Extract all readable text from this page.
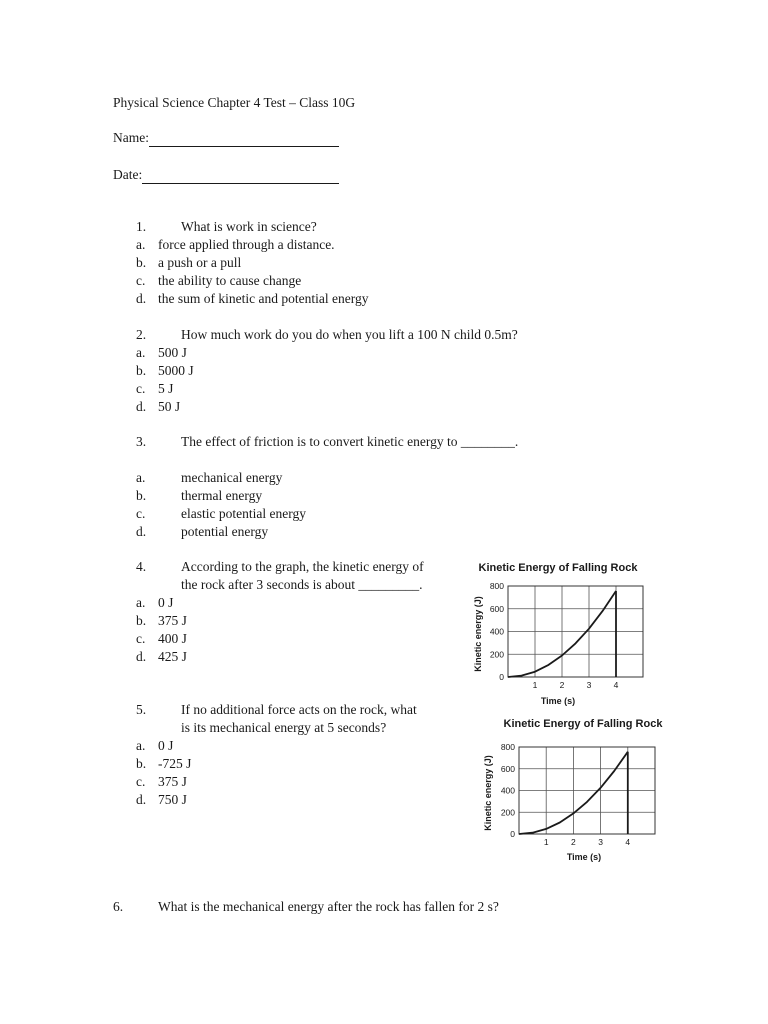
Physical Science Chapter 4 Test – Class 10G
Name:
Date:
1.	What is work in science?
a. force applied through a distance.
b. a push or a pull
c. the ability to cause change
d. the sum of kinetic and potential energy
2.	How much work do you do when you lift a 100 N child 0.5m?
a. 500 J
b. 5000 J
c. 5 J
d. 50 J
3.	The effect of friction is to convert kinetic energy to ________.
a.	mechanical energy
b.	thermal energy
c.	elastic potential energy
d.	potential energy
4.	According to the graph, the kinetic energy of
the rock after 3 seconds is about _________.
a. 0 J
b. 375 J
c. 400 J
d. 425 J
5.	If no additional force acts on the rock, what
is its mechanical energy at 5 seconds?
a. 0 J
b. -725 J
c. 375 J
d. 750 J
6.	What is the mechanical energy after the rock has fallen for 2 s?
Kinetic Energy of Falling Rock
Kinetic energy (J)
Time (s)
0
200
400
600
800
1	2	3	4
Kinetic Energy of Falling Rock
Kinetic energy (J)
Time (s)
0
200
400
600
800
1	2	3	4
